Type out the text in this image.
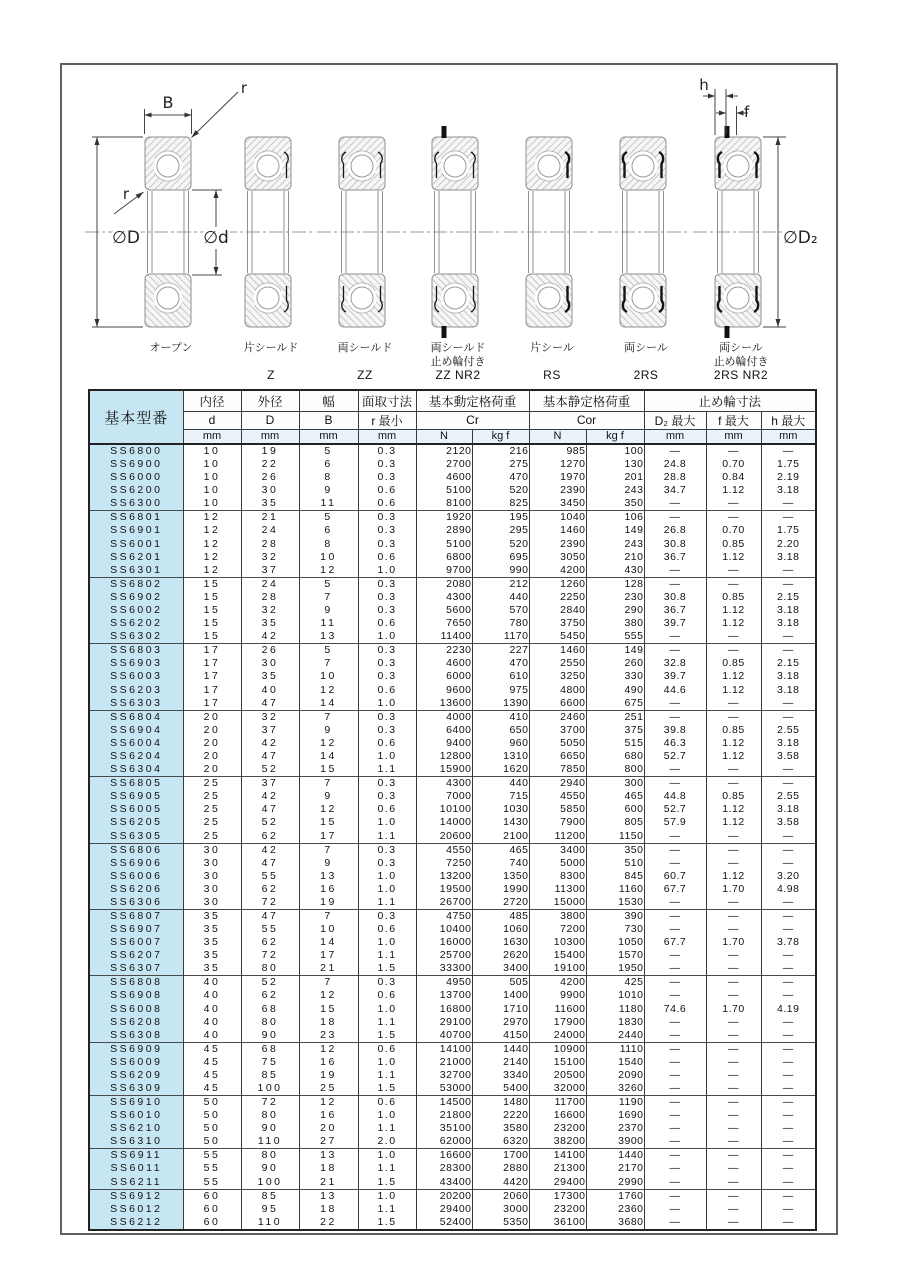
B
r
r
∅D	∅d
h
f
∅D₂
オープン	片シールド
Z
両シールド
ZZ
両シールド
止め輪付き
ZZ NR2
片シール
RS
両シール
2RS
両シール
止め輪付き
2RS NR2
基本型番	内径	外径	幅	面取寸法	基本動定格荷重		基本静定格荷重		止め輪寸法		
	d	D	B	r 最小	Cr		Cor		D₂ 最大	f 最大	h 最大
	mm	mm	mm	mm	N	kg f	N	kg f	mm	mm	mm
SS6800	10	19	5	0.3	2120	216	985	100	—	—	—
SS6900	10	22	6	0.3	2700	275	1270	130	24.8	0.70	1.75
SS6000	10	26	8	0.3	4600	470	1970	201	28.8	0.84	2.19
SS6200	10	30	9	0.6	5100	520	2390	243	34.7	1.12	3.18
SS6300	10	35	11	0.6	8100	825	3450	350	—	—	—
SS6801	12	21	5	0.3	1920	195	1040	106	—	—	—
SS6901	12	24	6	0.3	2890	295	1460	149	26.8	0.70	1.75
SS6001	12	28	8	0.3	5100	520	2390	243	30.8	0.85	2.20
SS6201	12	32	10	0.6	6800	695	3050	210	36.7	1.12	3.18
SS6301	12	37	12	1.0	9700	990	4200	430	—	—	—
SS6802	15	24	5	0.3	2080	212	1260	128	—	—	—
SS6902	15	28	7	0.3	4300	440	2250	230	30.8	0.85	2.15
SS6002	15	32	9	0.3	5600	570	2840	290	36.7	1.12	3.18
SS6202	15	35	11	0.6	7650	780	3750	380	39.7	1.12	3.18
SS6302	15	42	13	1.0	11400	1170	5450	555	—	—	—
SS6803	17	26	5	0.3	2230	227	1460	149	—	—	—
SS6903	17	30	7	0.3	4600	470	2550	260	32.8	0.85	2.15
SS6003	17	35	10	0.3	6000	610	3250	330	39.7	1.12	3.18
SS6203	17	40	12	0.6	9600	975	4800	490	44.6	1.12	3.18
SS6303	17	47	14	1.0	13600	1390	6600	675	—	—	—
SS6804	20	32	7	0.3	4000	410	2460	251	—	—	—
SS6904	20	37	9	0.3	6400	650	3700	375	39.8	0.85	2.55
SS6004	20	42	12	0.6	9400	960	5050	515	46.3	1.12	3.18
SS6204	20	47	14	1.0	12800	1310	6650	680	52.7	1.12	3.58
SS6304	20	52	15	1.1	15900	1620	7850	800	—	—	—
SS6805	25	37	7	0.3	4300	440	2940	300	—	—	—
SS6905	25	42	9	0.3	7000	715	4550	465	44.8	0.85	2.55
SS6005	25	47	12	0.6	10100	1030	5850	600	52.7	1.12	3.18
SS6205	25	52	15	1.0	14000	1430	7900	805	57.9	1.12	3.58
SS6305	25	62	17	1.1	20600	2100	11200	1150	—	—	—
SS6806	30	42	7	0.3	4550	465	3400	350	—	—	—
SS6906	30	47	9	0.3	7250	740	5000	510	—	—	—
SS6006	30	55	13	1.0	13200	1350	8300	845	60.7	1.12	3.20
SS6206	30	62	16	1.0	19500	1990	11300	1160	67.7	1.70	4.98
SS6306	30	72	19	1.1	26700	2720	15000	1530	—	—	—
SS6807	35	47	7	0.3	4750	485	3800	390	—	—	—
SS6907	35	55	10	0.6	10400	1060	7200	730	—	—	—
SS6007	35	62	14	1.0	16000	1630	10300	1050	67.7	1.70	3.78
SS6207	35	72	17	1.1	25700	2620	15400	1570	—	—	—
SS6307	35	80	21	1.5	33300	3400	19100	1950	—	—	—
SS6808	40	52	7	0.3	4950	505	4200	425	—	—	—
SS6908	40	62	12	0.6	13700	1400	9900	1010	—	—	—
SS6008	40	68	15	1.0	16800	1710	11600	1180	74.6	1.70	4.19
SS6208	40	80	18	1.1	29100	2970	17900	1830	—	—	—
SS6308	40	90	23	1.5	40700	4150	24000	2440	—	—	—
SS6909	45	68	12	0.6	14100	1440	10900	1110	—	—	—
SS6009	45	75	16	1.0	21000	2140	15100	1540	—	—	—
SS6209	45	85	19	1.1	32700	3340	20500	2090	—	—	—
SS6309	45	100	25	1.5	53000	5400	32000	3260	—	—	—
SS6910	50	72	12	0.6	14500	1480	11700	1190	—	—	—
SS6010	50	80	16	1.0	21800	2220	16600	1690	—	—	—
SS6210	50	90	20	1.1	35100	3580	23200	2370	—	—	—
SS6310	50	110	27	2.0	62000	6320	38200	3900	—	—	—
SS6911	55	80	13	1.0	16600	1700	14100	1440	—	—	—
SS6011	55	90	18	1.1	28300	2880	21300	2170	—	—	—
SS6211	55	100	21	1.5	43400	4420	29400	2990	—	—	—
SS6912	60	85	13	1.0	20200	2060	17300	1760	—	—	—
SS6012	60	95	18	1.1	29400	3000	23200	2360	—	—	—
SS6212	60	110	22	1.5	52400	5350	36100	3680	—	—	—
